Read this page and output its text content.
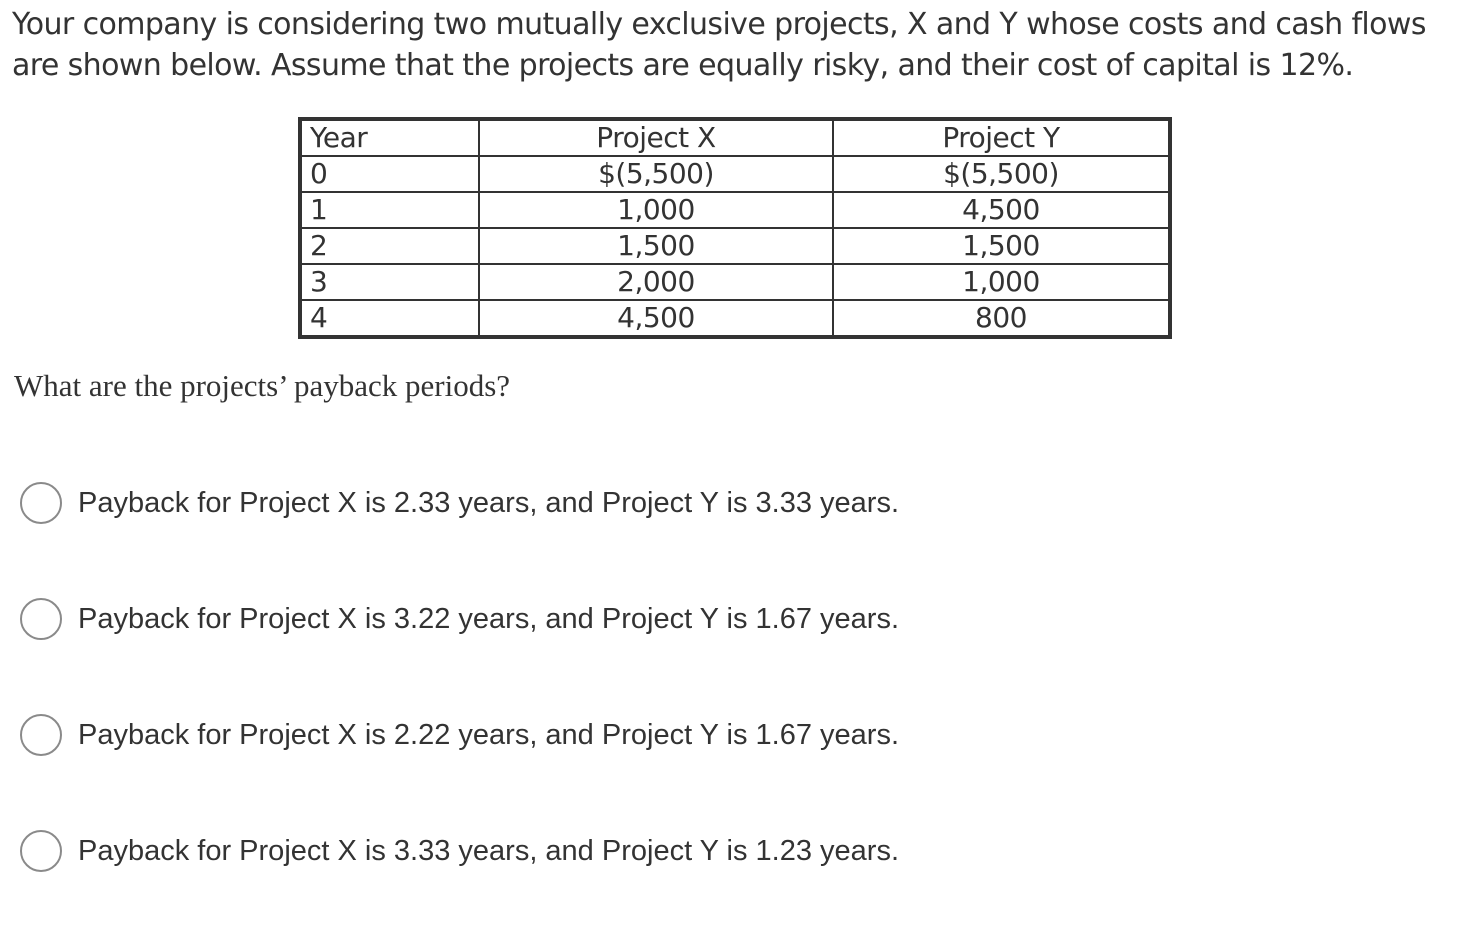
Your company is considering two mutually exclusive projects, X and Y whose costs and cash flows are shown below. Assume that the projects are equally risky, and their cost of capital is 12%.

Year	Project X	Project Y
0	$(5,500)	$(5,500)
1	1,000	4,500
2	1,500	1,500
3	2,000	1,000
4	4,500	800

What are the projects’ payback periods?

Payback for Project X is 2.33 years, and Project Y is 3.33 years.
Payback for Project X is 3.22 years, and Project Y is 1.67 years.
Payback for Project X is 2.22 years, and Project Y is 1.67 years.
Payback for Project X is 3.33 years, and Project Y is 1.23 years.
